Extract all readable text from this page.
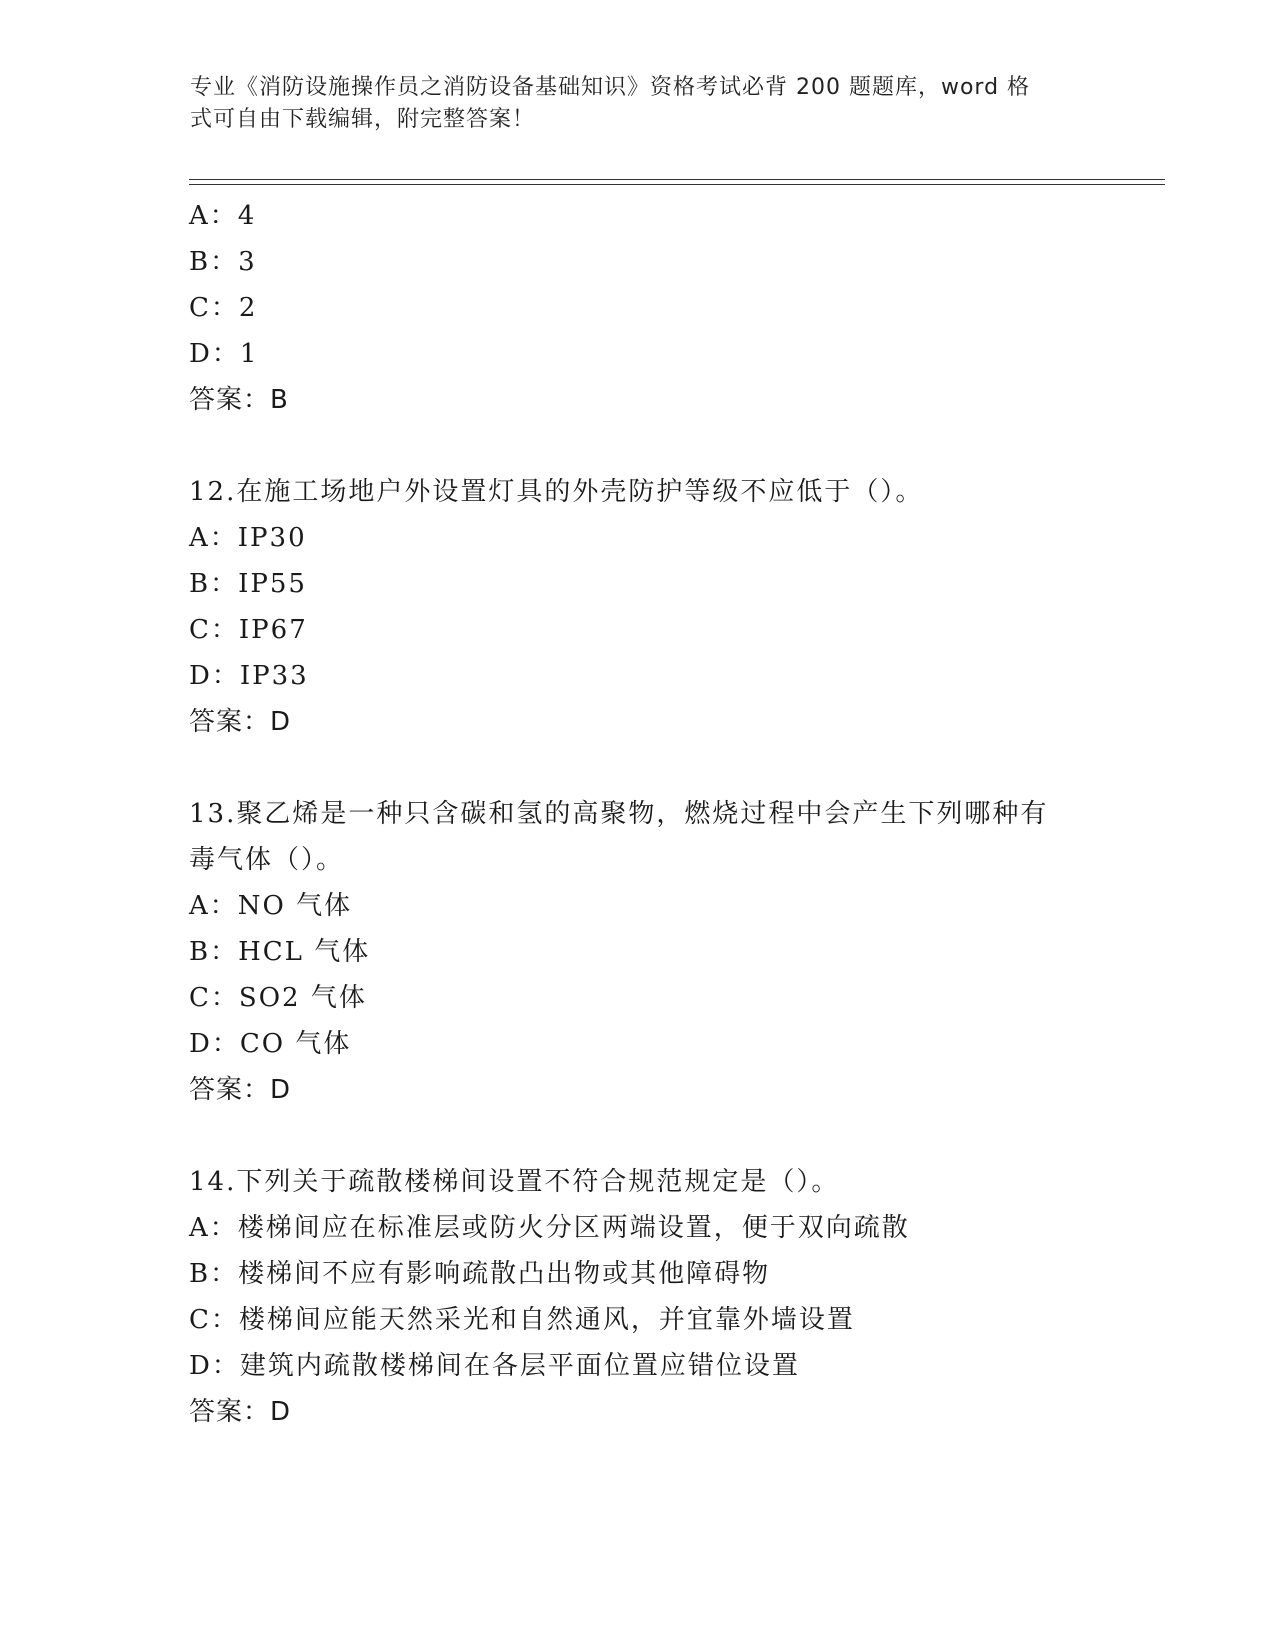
专业《消防设施操作员之消防设备基础知识》资格考试必背 200 题题库，word 格
式可自由下载编辑，附完整答案！
A：4
B：3
C：2
D：1
答案：B
12.在施工场地户外设置灯具的外壳防护等级不应低于（）。
A：IP30
B：IP55
C：IP67
D：IP33
答案：D
13.聚乙烯是一种只含碳和氢的高聚物，燃烧过程中会产生下列哪种有
毒气体（）。
A：NO 气体
B：HCL 气体
C：SO2 气体
D：CO 气体
答案：D
14.下列关于疏散楼梯间设置不符合规范规定是（）。
A：楼梯间应在标准层或防火分区两端设置，便于双向疏散
B：楼梯间不应有影响疏散凸出物或其他障碍物
C：楼梯间应能天然采光和自然通风，并宜靠外墙设置
D：建筑内疏散楼梯间在各层平面位置应错位设置
答案：D
